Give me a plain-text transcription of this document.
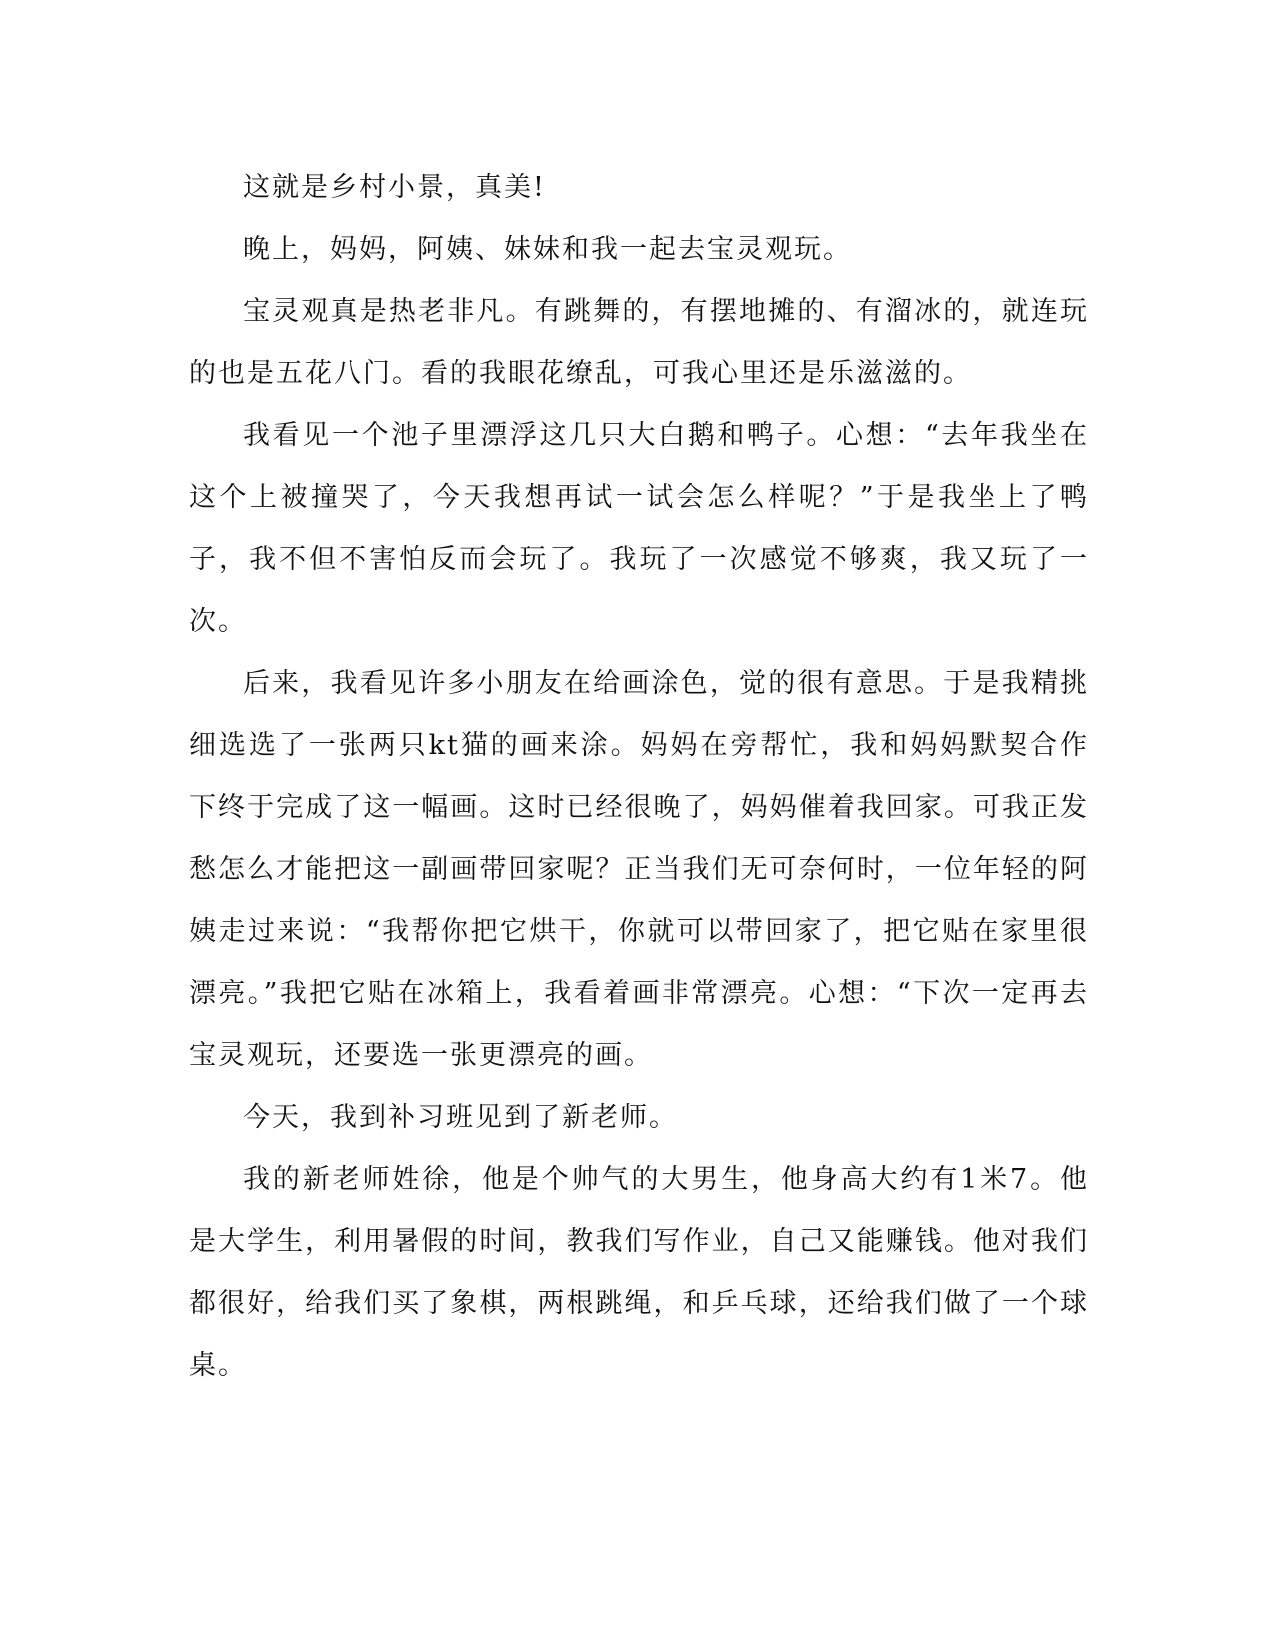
这就是乡村小景，真美!

晚上，妈妈，阿姨、妹妹和我一起去宝灵观玩。

宝灵观真是热老非凡。有跳舞的，有摆地摊的、有溜冰的，就连玩的也是五花八门。看的我眼花缭乱，可我心里还是乐滋滋的。

我看见一个池子里漂浮这几只大白鹅和鸭子。心想：“去年我坐在这个上被撞哭了，今天我想再试一试会怎么样呢？”于是我坐上了鸭子，我不但不害怕反而会玩了。我玩了一次感觉不够爽，我又玩了一次。

后来，我看见许多小朋友在给画涂色，觉的很有意思。于是我精挑细选选了一张两只kt猫的画来涂。妈妈在旁帮忙，我和妈妈默契合作下终于完成了这一幅画。这时已经很晚了，妈妈催着我回家。可我正发愁怎么才能把这一副画带回家呢？正当我们无可奈何时，一位年轻的阿姨走过来说：“我帮你把它烘干，你就可以带回家了，把它贴在家里很漂亮。”我把它贴在冰箱上，我看着画非常漂亮。心想：“下次一定再去宝灵观玩，还要选一张更漂亮的画。

今天，我到补习班见到了新老师。

我的新老师姓徐，他是个帅气的大男生，他身高大约有1米7。他是大学生，利用暑假的时间，教我们写作业，自己又能赚钱。他对我们都很好，给我们买了象棋，两根跳绳，和乒乓球，还给我们做了一个球桌。
